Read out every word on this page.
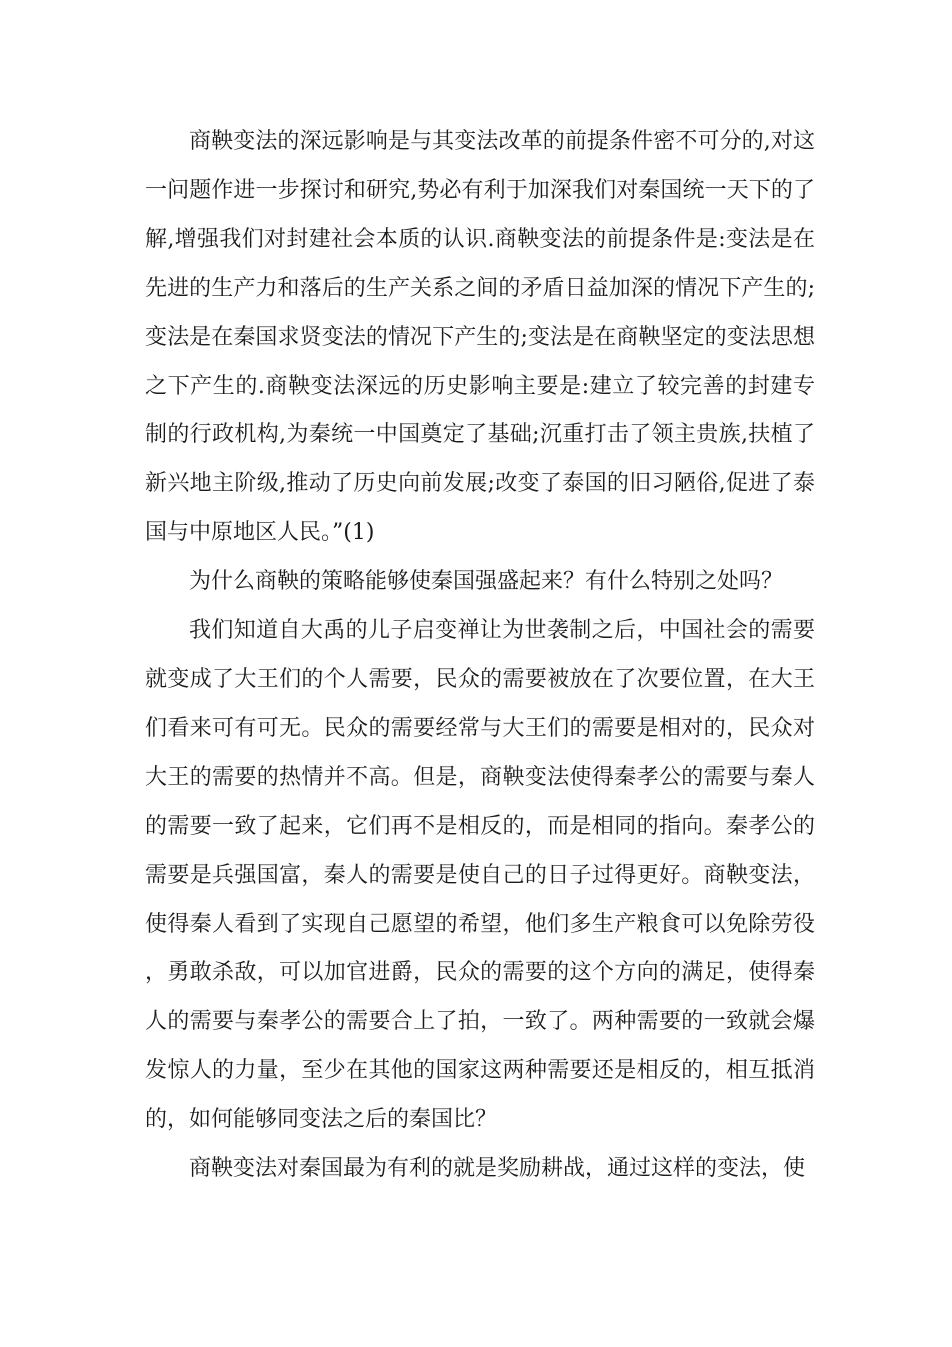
商鞅变法的深远影响是与其变法改革的前提条件密不可分的,对这一问题作进一步探讨和研究,势必有利于加深我们对秦国统一天下的了解,增强我们对封建社会本质的认识.商鞅变法的前提条件是:变法是在先进的生产力和落后的生产关系之间的矛盾日益加深的情况下产生的;变法是在秦国求贤变法的情况下产生的;变法是在商鞅坚定的变法思想之下产生的.商鞅变法深远的历史影响主要是:建立了较完善的封建专制的行政机构,为秦统一中国奠定了基础;沉重打击了领主贵族,扶植了新兴地主阶级,推动了历史向前发展;改变了泰国的旧习陋俗,促进了泰国与中原地区人民。”(1)

为什么商鞅的策略能够使秦国强盛起来？有什么特别之处吗？

我们知道自大禹的儿子启变禅让为世袭制之后，中国社会的需要就变成了大王们的个人需要，民众的需要被放在了次要位置，在大王们看来可有可无。民众的需要经常与大王们的需要是相对的，民众对大王的需要的热情并不高。但是，商鞅变法使得秦孝公的需要与秦人的需要一致了起来，它们再不是相反的，而是相同的指向。秦孝公的需要是兵强国富，秦人的需要是使自己的日子过得更好。商鞅变法，使得秦人看到了实现自己愿望的希望，他们多生产粮食可以免除劳役，勇敢杀敌，可以加官进爵，民众的需要的这个方向的满足，使得秦人的需要与秦孝公的需要合上了拍，一致了。两种需要的一致就会爆发惊人的力量，至少在其他的国家这两种需要还是相反的，相互抵消的，如何能够同变法之后的秦国比？

商鞅变法对秦国最为有利的就是奖励耕战，通过这样的变法，使
